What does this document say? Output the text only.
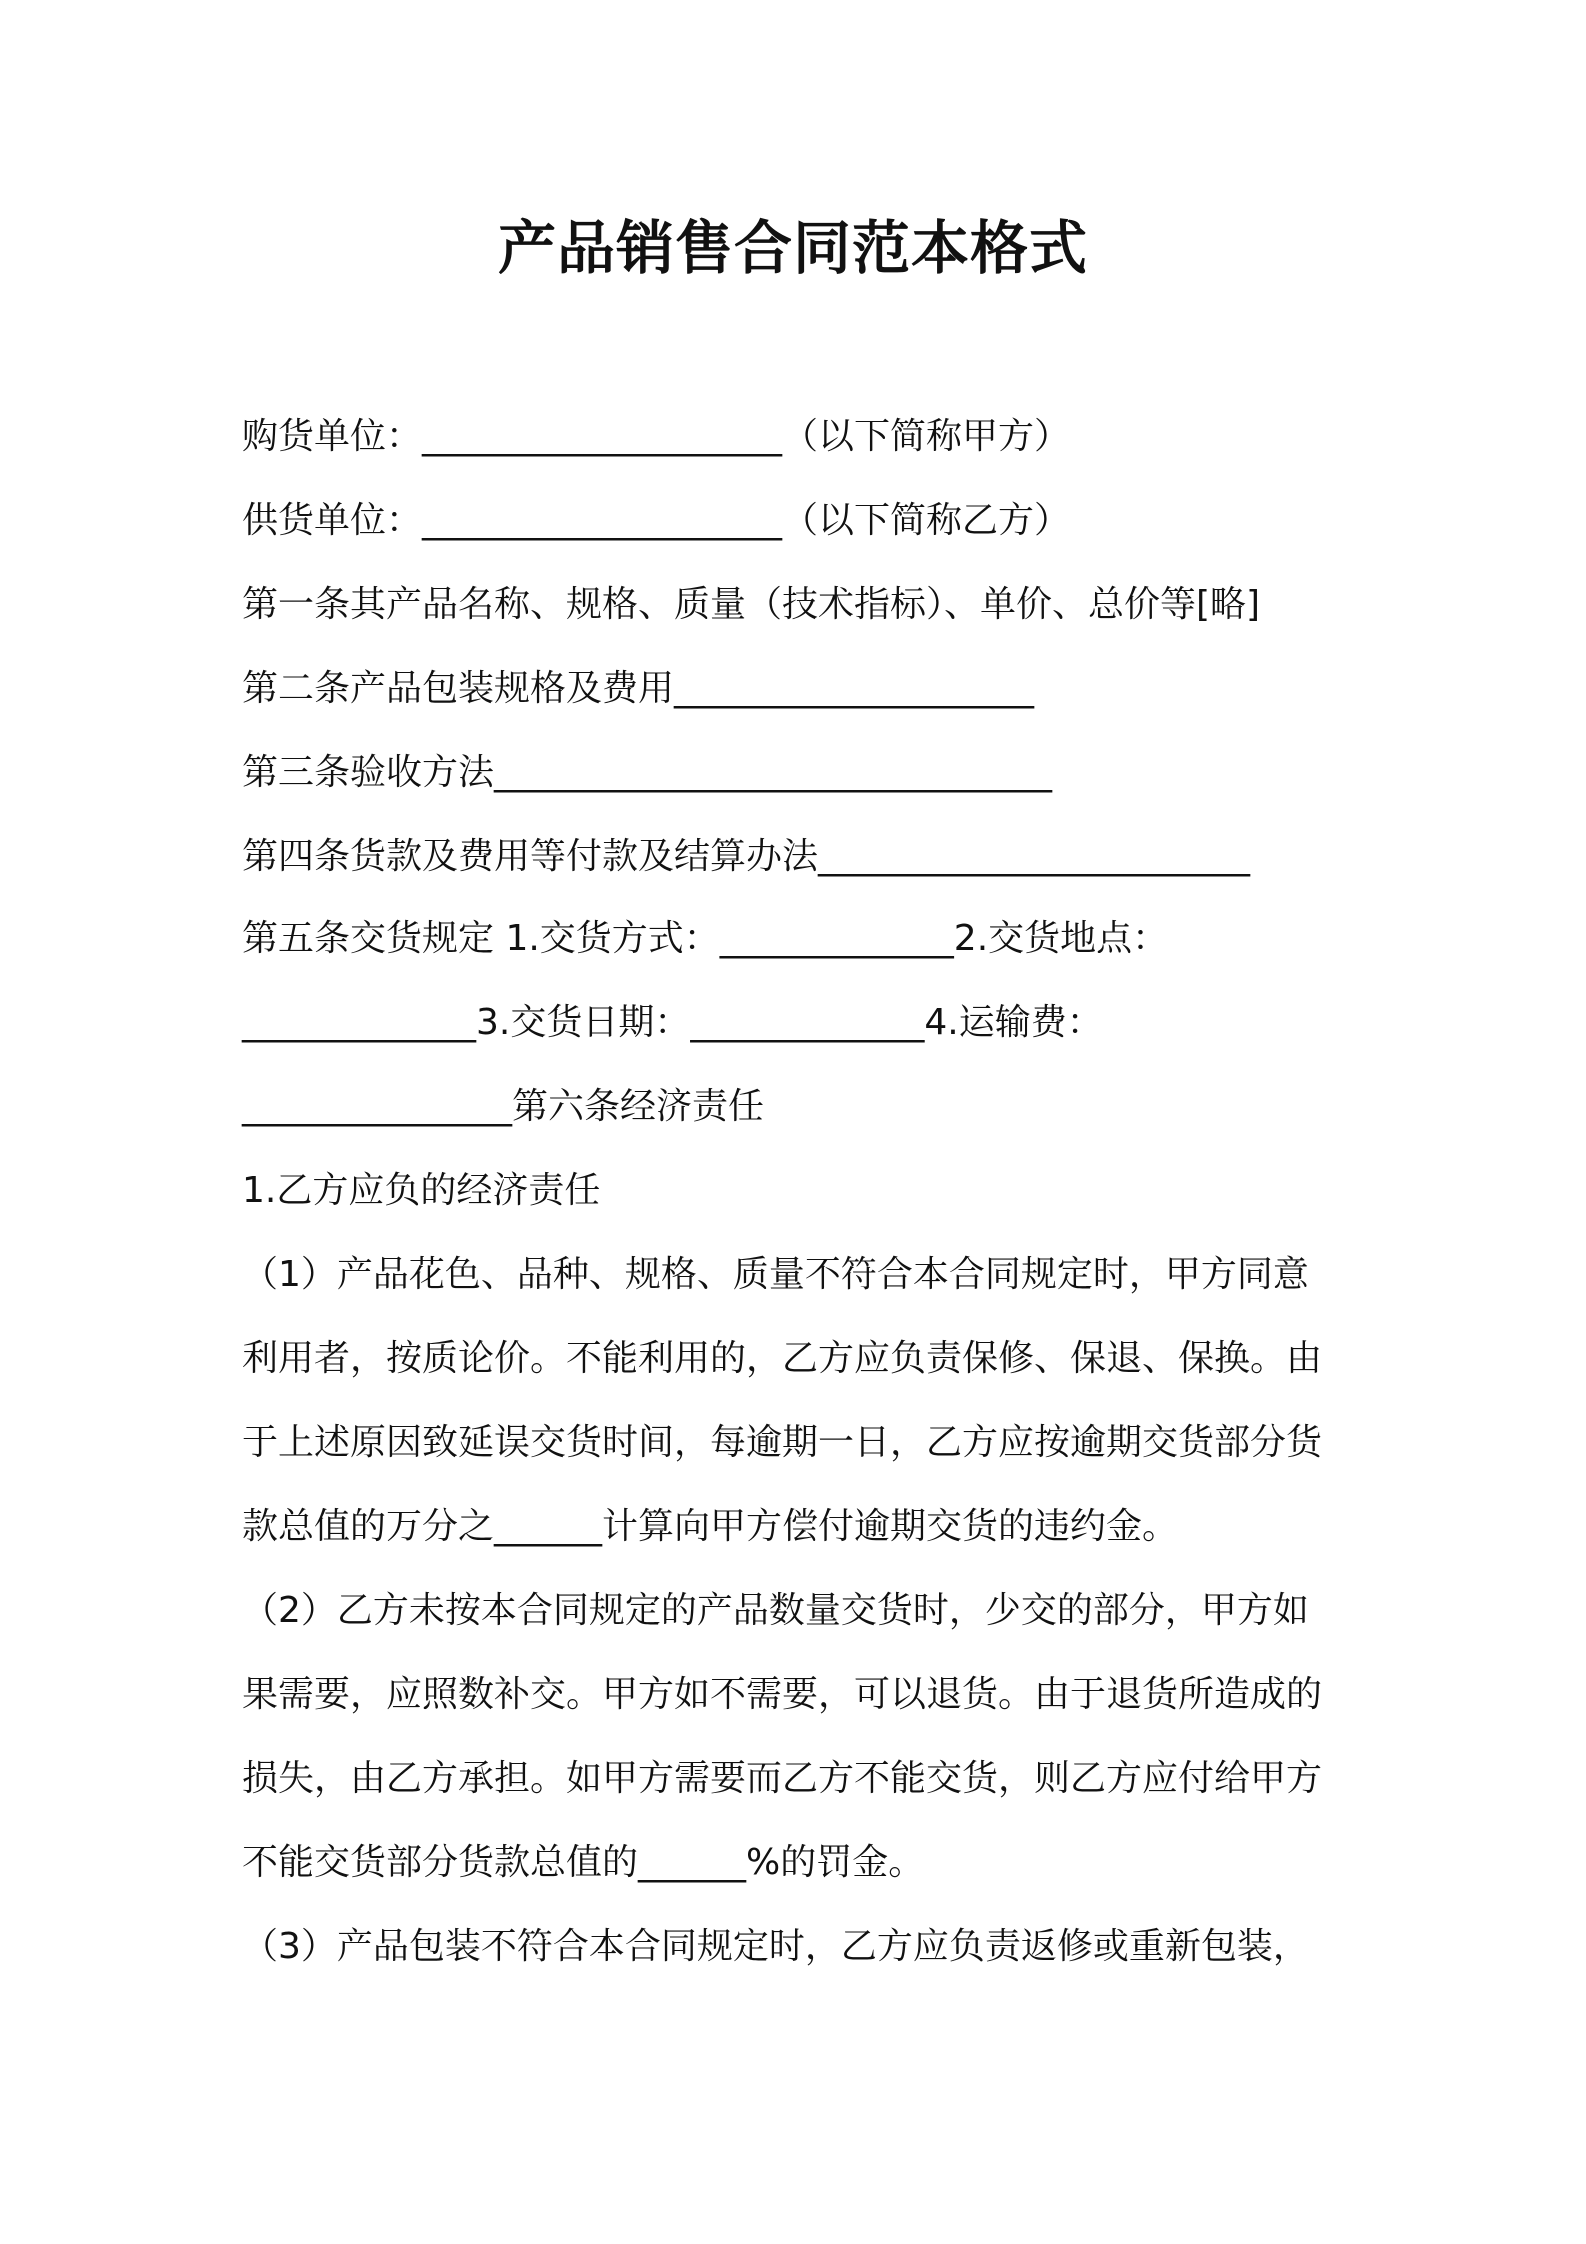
产品销售合同范本格式
购货单位：____________________（以下简称甲方）
供货单位：____________________（以下简称乙方）
第一条其产品名称、规格、质量（技术指标）、单价、总价等[略]
第二条产品包装规格及费用____________________
第三条验收方法_______________________________
第四条货款及费用等付款及结算办法________________________
第五条交货规定 1.交货方式：_____________2.交货地点：
_____________3.交货日期：_____________4.运输费：
_______________第六条经济责任
1.乙方应负的经济责任
（1）产品花色、品种、规格、质量不符合本合同规定时，甲方同意
利用者，按质论价。不能利用的，乙方应负责保修、保退、保换。由
于上述原因致延误交货时间，每逾期一日，乙方应按逾期交货部分货
款总值的万分之______计算向甲方偿付逾期交货的违约金。
（2）乙方未按本合同规定的产品数量交货时，少交的部分，甲方如
果需要，应照数补交。甲方如不需要，可以退货。由于退货所造成的
损失，由乙方承担。如甲方需要而乙方不能交货，则乙方应付给甲方
不能交货部分货款总值的______%的罚金。
（3）产品包装不符合本合同规定时，乙方应负责返修或重新包装，
